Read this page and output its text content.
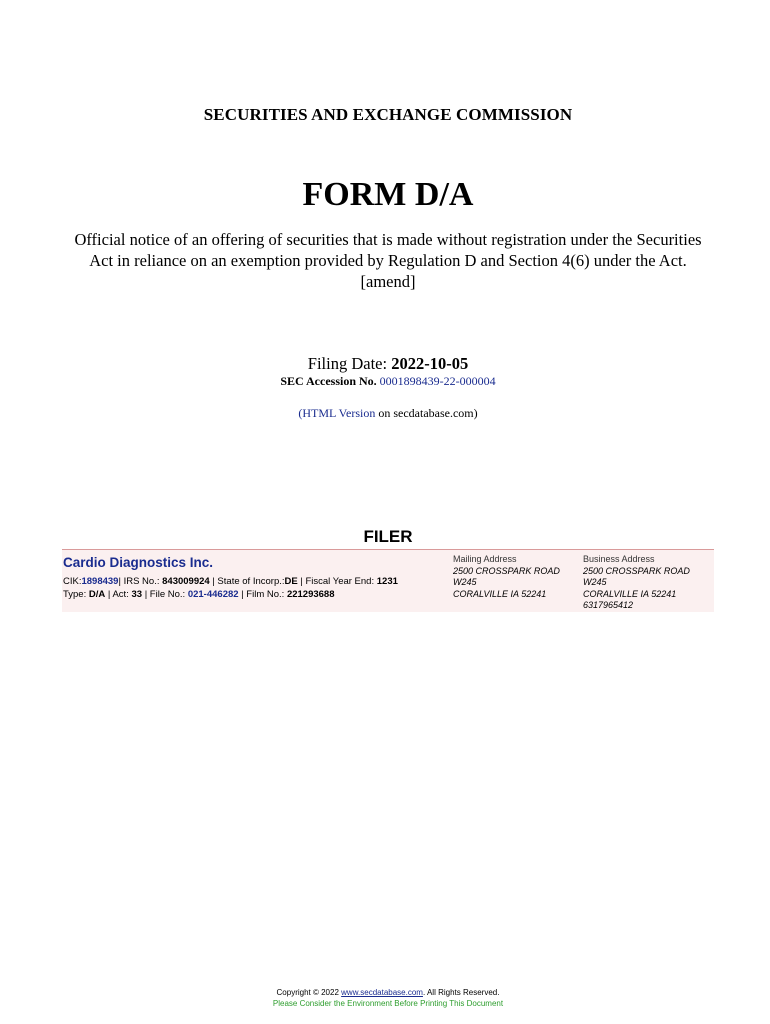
SECURITIES AND EXCHANGE COMMISSION
FORM D/A
Official notice of an offering of securities that is made without registration under the Securities
Act in reliance on an exemption provided by Regulation D and Section 4(6) under the Act.
[amend]
Filing Date: 2022-10-05
SEC Accession No. 0001898439-22-000004
(HTML Version on secdatabase.com)
FILER
Cardio Diagnostics Inc.
CIK:1898439| IRS No.: 843009924 | State of Incorp.:DE | Fiscal Year End: 1231
Type: D/A | Act: 33 | File No.: 021-446282 | Film No.: 221293688
Mailing Address
2500 CROSSPARK ROAD
W245
CORALVILLE IA 52241
Business Address
2500 CROSSPARK ROAD
W245
CORALVILLE IA 52241
6317965412
Copyright © 2022 www.secdatabase.com. All Rights Reserved.
Please Consider the Environment Before Printing This Document
